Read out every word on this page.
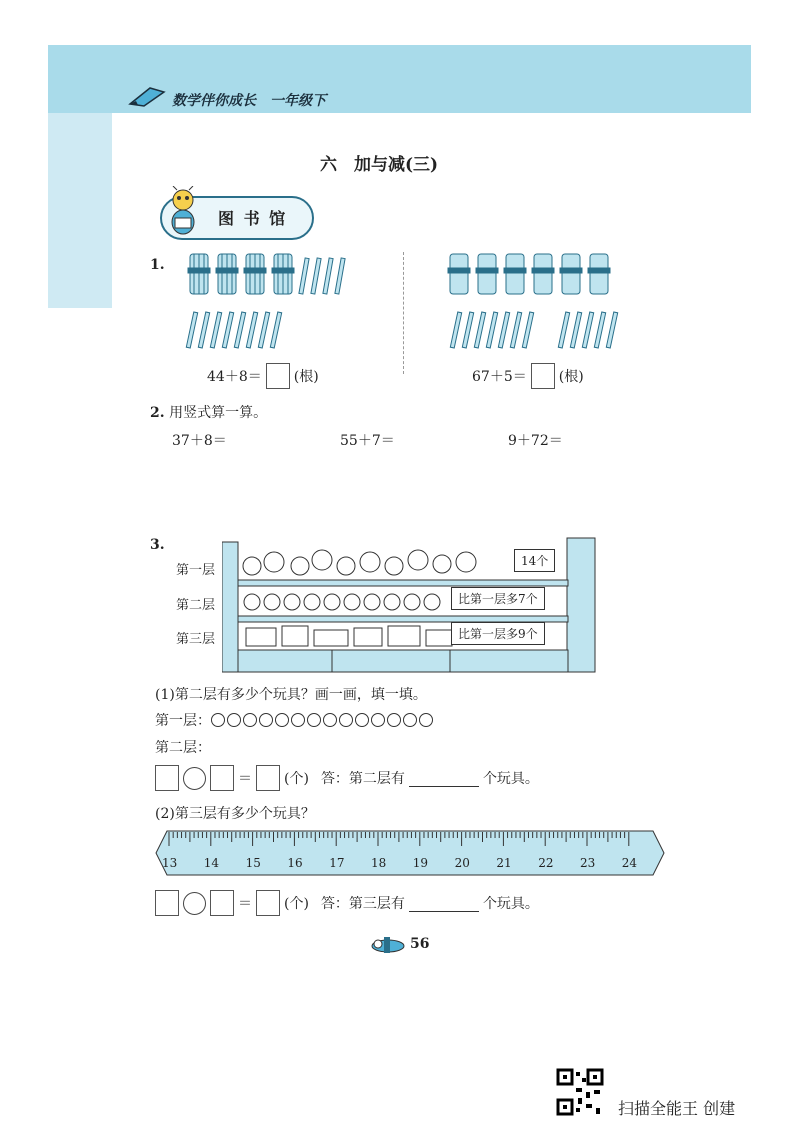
数学伴你成长　一年级下
六　加与减(三)
图 书 馆
1.
44＋8＝ (根)	67＋5＝ (根)
2. 用竖式算一算。
37＋8＝	55＋7＝	9＋72＝
3.
第一层
第二层
第三层
14个
比第一层多7个
比第一层多9个
(1)第二层有多少个玩具？画一画，填一填。
第一层：
第二层：
＝ (个) 答：第二层有	个玩具。
(2)第三层有多少个玩具？
13 14 15 16 17 18 19 20 21 22 23 24
＝ (个) 答：第三层有	个玩具。
56
扫描全能王 创建
